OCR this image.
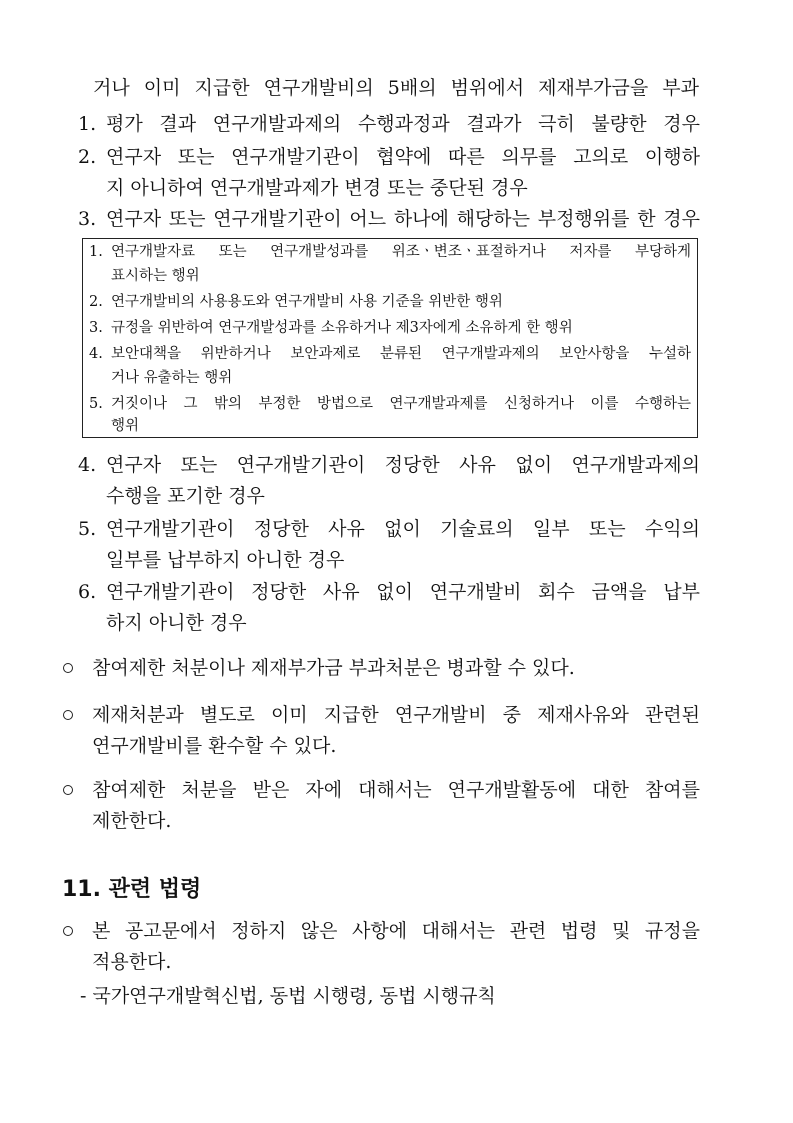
거나 이미 지급한 연구개발비의 5배의 범위에서 제재부가금을 부과
1. 평가 결과 연구개발과제의 수행과정과 결과가 극히 불량한 경우
2. 연구자 또는 연구개발기관이 협약에 따른 의무를 고의로 이행하
지 아니하여 연구개발과제가 변경 또는 중단된 경우
3. 연구자 또는 연구개발기관이 어느 하나에 해당하는 부정행위를 한 경우
1. 연구개발자료 또는 연구개발성과를 위조ㆍ변조ㆍ표절하거나 저자를 부당하게
표시하는 행위
2. 연구개발비의 사용용도와 연구개발비 사용 기준을 위반한 행위
3. 규정을 위반하여 연구개발성과를 소유하거나 제3자에게 소유하게 한 행위
4. 보안대책을 위반하거나 보안과제로 분류된 연구개발과제의 보안사항을 누설하
거나 유출하는 행위
5. 거짓이나 그 밖의 부정한 방법으로 연구개발과제를 신청하거나 이를 수행하는
행위
4. 연구자 또는 연구개발기관이 정당한 사유 없이 연구개발과제의
수행을 포기한 경우
5. 연구개발기관이 정당한 사유 없이 기술료의 일부 또는 수익의
일부를 납부하지 아니한 경우
6. 연구개발기관이 정당한 사유 없이 연구개발비 회수 금액을 납부
하지 아니한 경우
참여제한 처분이나 제재부가금 부과처분은 병과할 수 있다.
제재처분과 별도로 이미 지급한 연구개발비 중 제재사유와 관련된
연구개발비를 환수할 수 있다.
참여제한 처분을 받은 자에 대해서는 연구개발활동에 대한 참여를
제한한다.
11. 관련 법령
본 공고문에서 정하지 않은 사항에 대해서는 관련 법령 및 규정을
적용한다.
- 국가연구개발혁신법, 동법 시행령, 동법 시행규칙
